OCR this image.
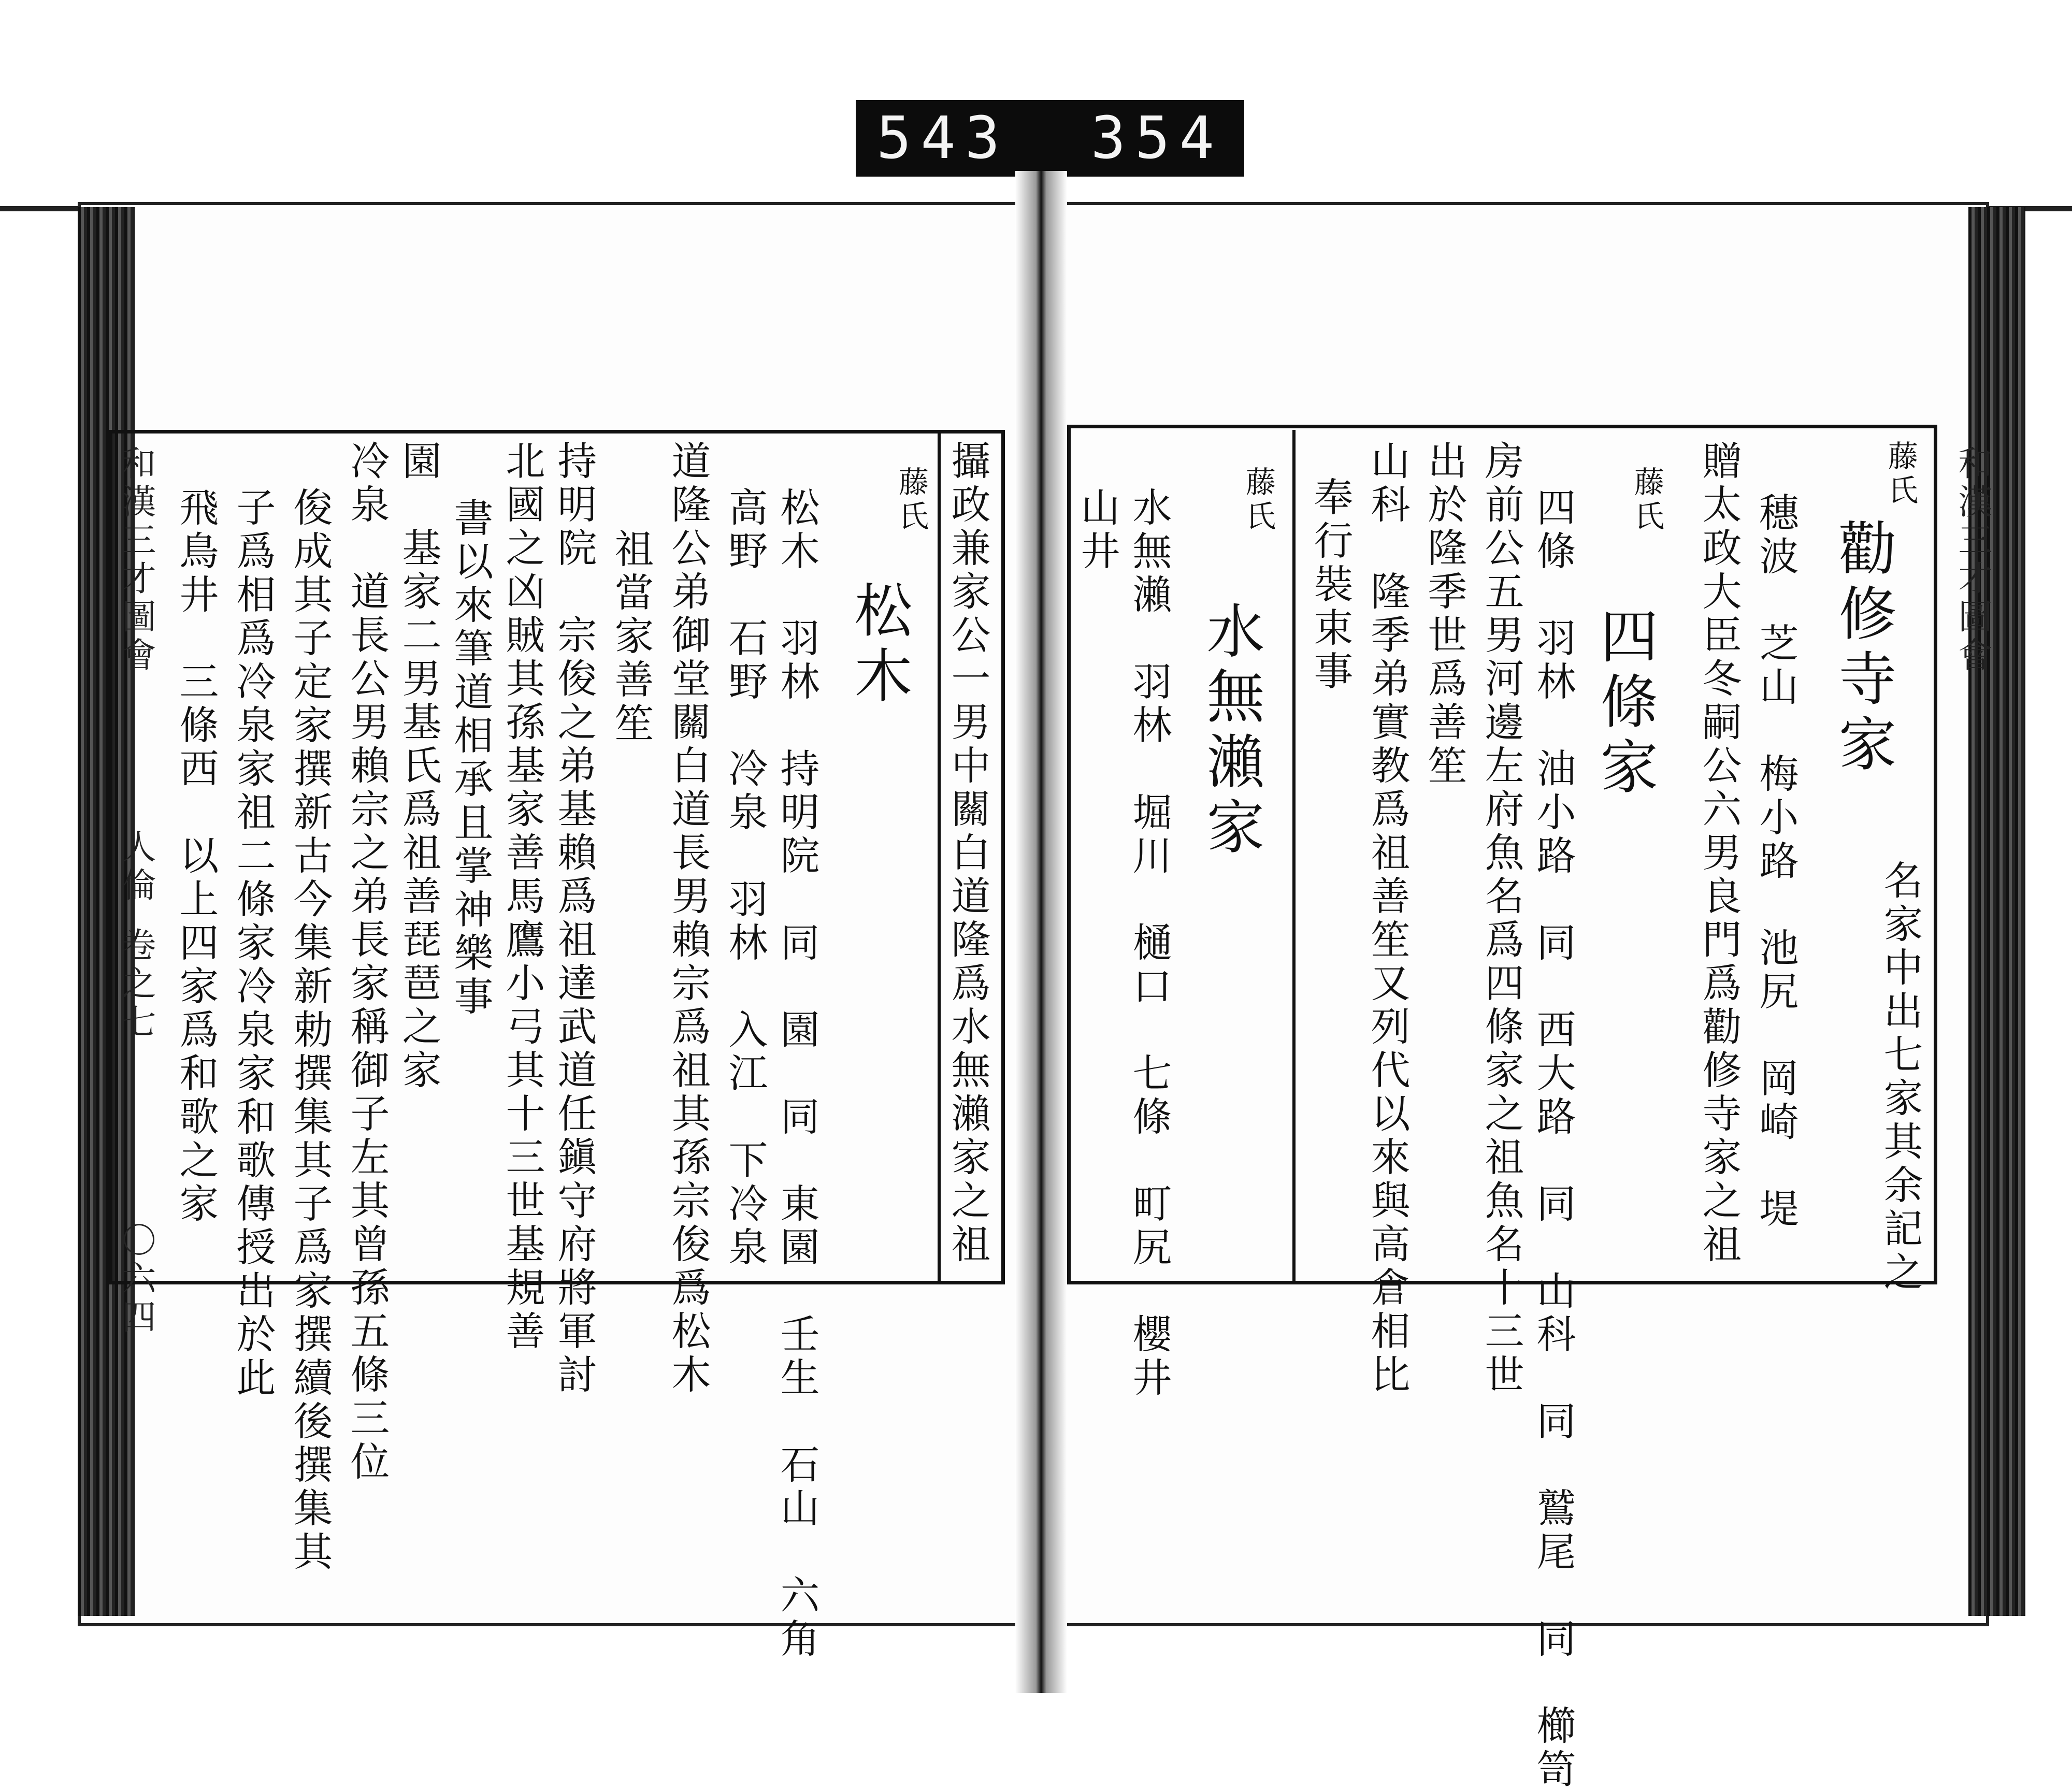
543 354
和漢三才圖會
藤氏
勸修寺家
名家中出七家其余記之
贈太政大臣冬嗣公六男良門爲勸修寺家之祖 穗波　芝山　梅小路　池尻　岡崎　堤
藤氏
四條家
四條　羽林　油小路　同　西大路　同　山科　同　鷲尾　同　櫛笥
房前公五男河邊左府魚名爲四條家之祖魚名十三世
出於隆季世爲善笙
山科　隆季弟實教爲祖善笙又列代以來與高倉相比
奉行裝束事
藤氏
水無瀨家
水無瀨　羽林　堀川　樋口　七條　町尻　櫻井
山井
攝政兼家公一男中關白道隆爲水無瀨家之祖
藤氏
松木
松木　羽林　持明院　同　園　同　東園　壬生　石山　六角
高野　石野　冷泉　羽林　入江　下冷泉
道隆公弟御堂關白道長男賴宗爲祖其孫宗俊爲松木
祖當家善笙
持明院　宗俊之弟基賴爲祖達武道任鎭守府將軍討
北國之凶賊其孫基家善馬鷹小弓其十三世基規善
書以來筆道相承且掌神樂事
園　基家二男基氏爲祖善琵琶之家
冷泉　道長公男賴宗之弟長家稱御子左其曾孫五條三位
俊成其子定家撰新古今集新勅撰集其子爲家撰續後撰集其
子爲相爲冷泉家祖二條家冷泉家和歌傳授出於此
飛鳥井　三條西　以上四家爲和歌之家
和漢三才圖會
人倫
卷之七
〇六四
